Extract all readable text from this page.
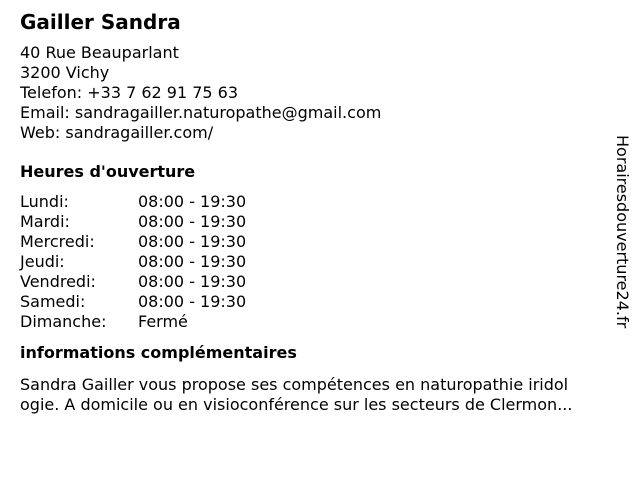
Gailler Sandra
40 Rue Beauparlant
3200 Vichy
Telefon: +33 7 62 91 75 63
Email: sandragailler.naturopathe@gmail.com
Web: sandragailler.com/
Heures d'ouverture
Lundi:	08:00 - 19:30
Mardi:	08:00 - 19:30
Mercredi:	08:00 - 19:30
Jeudi:	08:00 - 19:30
Vendredi:	08:00 - 19:30
Samedi:	08:00 - 19:30
Dimanche:	Fermé
informations complémentaires
Sandra Gailler vous propose ses compétences en naturopathie iridol
ogie. A domicile ou en visioconférence sur les secteurs de Clermon...
Horairesdouverture24.fr
